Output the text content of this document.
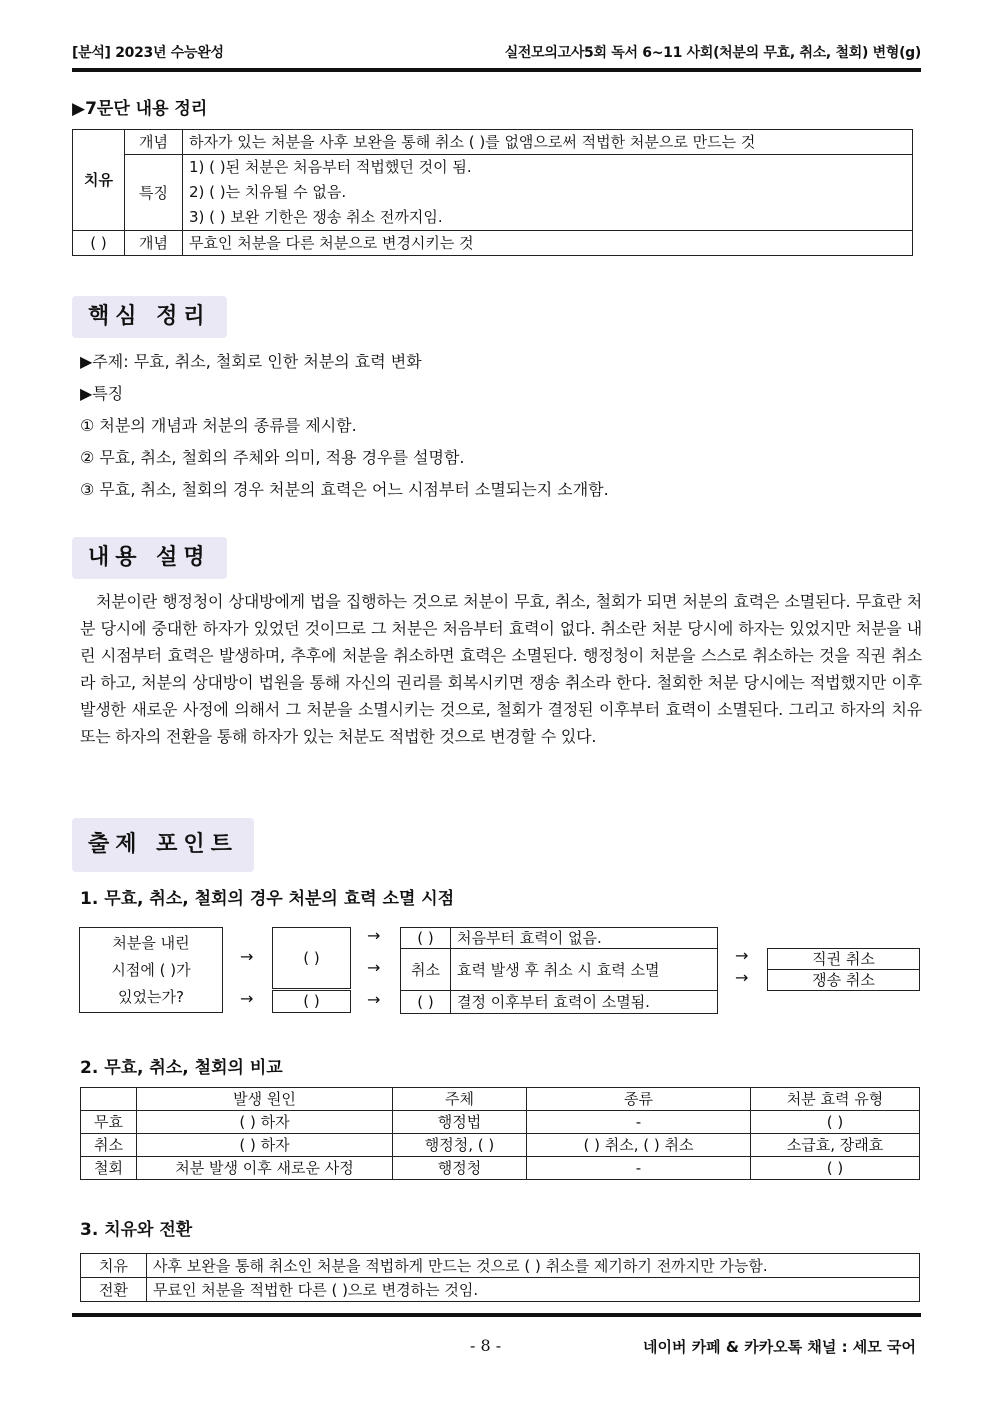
[분석] 2023년 수능완성	실전모의고사5회 독서 6~11 사회(처분의 무효, 취소, 철회) 변형(g)
▶7문단 내용 정리
치유	개념	하자가 있는 처분을 사후 보완을 통해 취소 ( )를 없앰으로써 적법한 처분으로 만드는 것
	특징	1) ( )된 처분은 처음부터 적법했던 것이 됨.
2) ( )는 치유될 수 없음.
3) ( ) 보완 기한은 쟁송 취소 전까지임.

( )	개념	무효인 처분을 다른 처분으로 변경시키는 것
핵심 정리
▶주제: 무효, 취소, 철회로 인한 처분의 효력 변화
▶특징
① 처분의 개념과 처분의 종류를 제시함.
② 무효, 취소, 철회의 주체와 의미, 적용 경우를 설명함.
③ 무효, 취소, 철회의 경우 처분의 효력은 어느 시점부터 소멸되는지 소개함.
내용 설명
처분이란 행정청이 상대방에게 법을 집행하는 것으로 처분이 무효, 취소, 철회가 되면 처분의 효력은 소멸된다. 무효란 처분 당시에 중대한 하자가 있었던 것이므로 그 처분은 처음부터 효력이 없다. 취소란 처분 당시에 하자는 있었지만 처분을 내린 시점부터 효력은 발생하며, 추후에 처분을 취소하면 효력은 소멸된다. 행정청이 처분을 스스로 취소하는 것을 직권 취소라 하고, 처분의 상대방이 법원을 통해 자신의 권리를 회복시키면 쟁송 취소라 한다. 철회한 처분 당시에는 적법했지만 이후 발생한 새로운 사정에 의해서 그 처분을 소멸시키는 것으로, 철회가 결정된 이후부터 효력이 소멸된다. 그리고 하자의 치유 또는 하자의 전환을 통해 하자가 있는 처분도 적법한 것으로 변경할 수 있다.
출제 포인트
1. 무효, 취소, 철회의 경우 처분의 효력 소멸 시점
처분을 내린
시점에 ( )가
있었는가?
→
→
( )
( )
→
→
→
( )	처음부터 효력이 없음.
취소	효력 발생 후 취소 시 효력 소멸
( )	결정 이후부터 효력이 소멸됨.
→
→
직권 취소
쟁송 취소
2. 무효, 취소, 철회의 비교
	발생 원인	주체	종류	처분 효력 유형
무효	( ) 하자	행정법	-	( )
취소	( ) 하자	행정청, ( )	( ) 취소, ( ) 취소	소급효, 장래효
철회	처분 발생 이후 새로운 사정	행정청	-	( )
3. 치유와 전환
치유	사후 보완을 통해 취소인 처분을 적법하게 만드는 것으로 ( ) 취소를 제기하기 전까지만 가능함.
전환	무료인 처분을 적법한 다른 ( )으로 변경하는 것임.
- 8 -	네이버 카페 & 카카오톡 채널 : 세모 국어
